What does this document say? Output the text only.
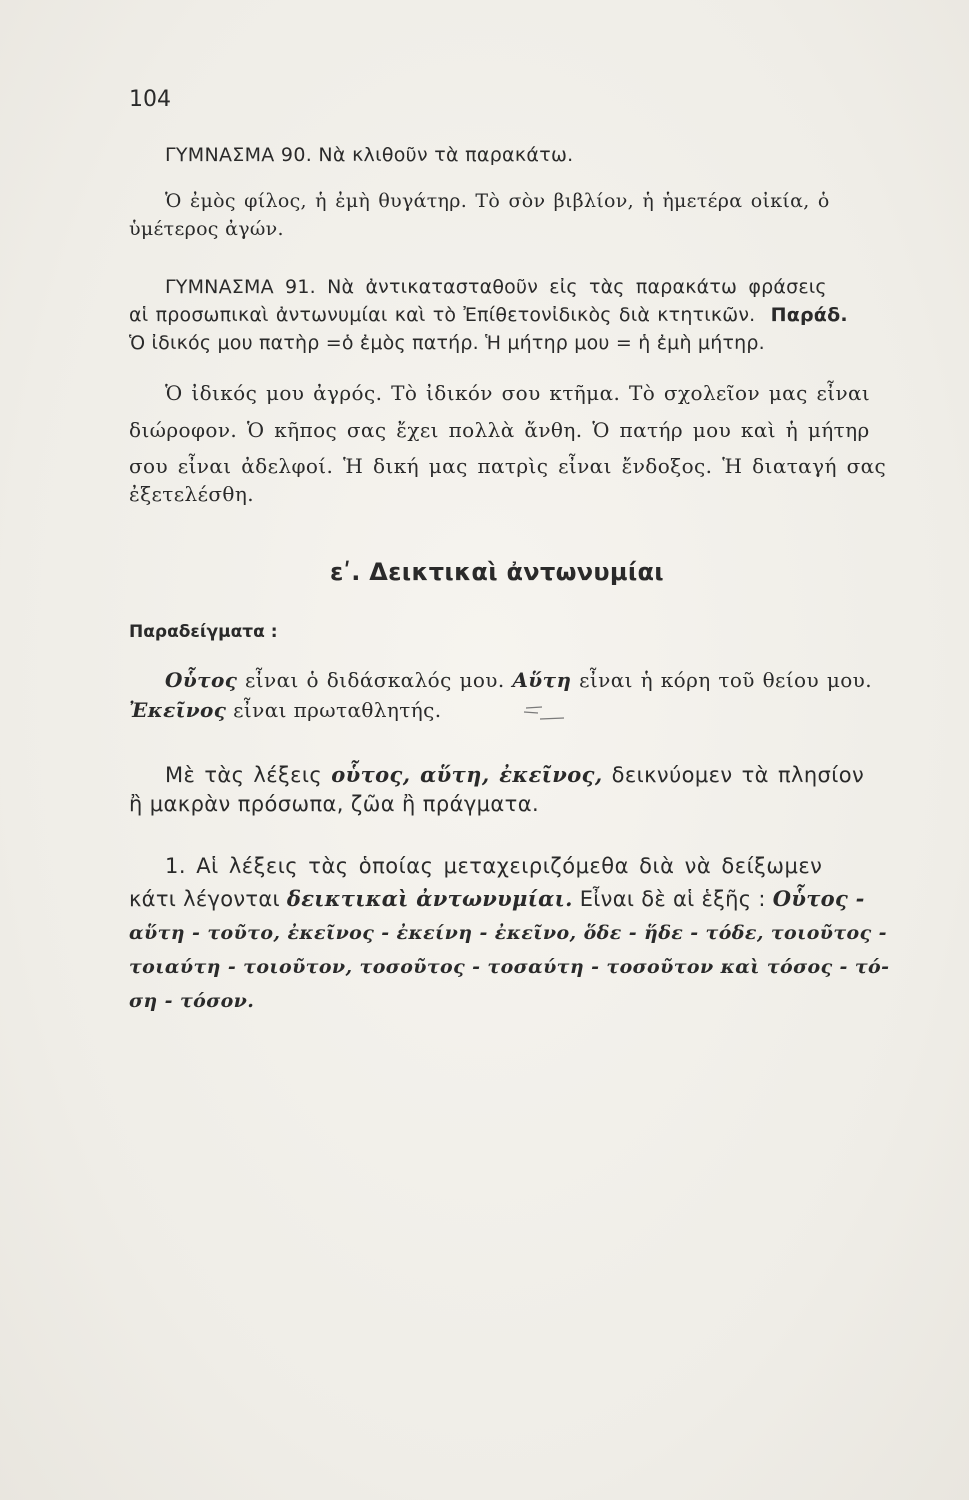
104
ΓΥΜΝΑΣΜΑ 90. Νὰ κλιθοῦν τὰ παρακάτω.
Ὁ ἐμὸς φίλος, ἡ ἐμὴ θυγάτηρ. Τὸ σὸν βιβλίον, ἡ ἡμετέρα οἰκία, ὁ
ὑμέτερος ἀγών.
ΓΥΜΝΑΣΜΑ 91. Νὰ ἀντικατασταθοῦν εἰς τὰς παρακάτω φράσεις
αἱ προσωπικαὶ ἀντωνυμίαι καὶ τὸ Ἐπίθετονἰδικὸς διὰ κτητικῶν. Παράδ.
Ὁ ἰδικός μου πατὴρ =ὁ ἐμὸς πατήρ. Ἡ μήτηρ μου = ἡ ἐμὴ μήτηρ.
Ὁ ἰδικός μου ἀγρός. Τὸ ἰδικόν σου κτῆμα. Τὸ σχολεῖον μας εἶναι
διώροφον. Ὁ κῆπος σας ἔχει πολλὰ ἄνθη. Ὁ πατήρ μου καὶ ἡ μήτηρ
σου εἶναι ἀδελφοί. Ἡ δική μας πατρὶς εἶναι ἔνδοξος. Ἡ διαταγή σας
ἐξετελέσθη.
εʹ. Δεικτικαὶ ἀντωνυμίαι
Παραδείγματα :
Οὗτος εἶναι ὁ διδάσκαλός μου. Αὕτη εἶναι ἡ κόρη τοῦ θείου μου.
Ἐκεῖνος εἶναι πρωταθλητής.
Μὲ τὰς λέξεις οὗτος, αὕτη, ἐκεῖνος, δεικνύομεν τὰ πλησίον
ἢ μακρὰν πρόσωπα, ζῶα ἢ πράγματα.
1. Αἱ λέξεις τὰς ὁποίας μεταχειριζόμεθα διὰ νὰ δείξωμεν
κάτι λέγονται δεικτικαὶ ἀντωνυμίαι. Εἶναι δὲ αἱ ἑξῆς : Οὗτος -
αὕτη - τοῦτο, ἐκεῖνος - ἐκείνη - ἐκεῖνο, ὅδε - ἥδε - τόδε, τοιοῦτος -
τοιαύτη - τοιοῦτον, τοσοῦτος - τοσαύτη - τοσοῦτον καὶ τόσος - τό-
ση - τόσον.
